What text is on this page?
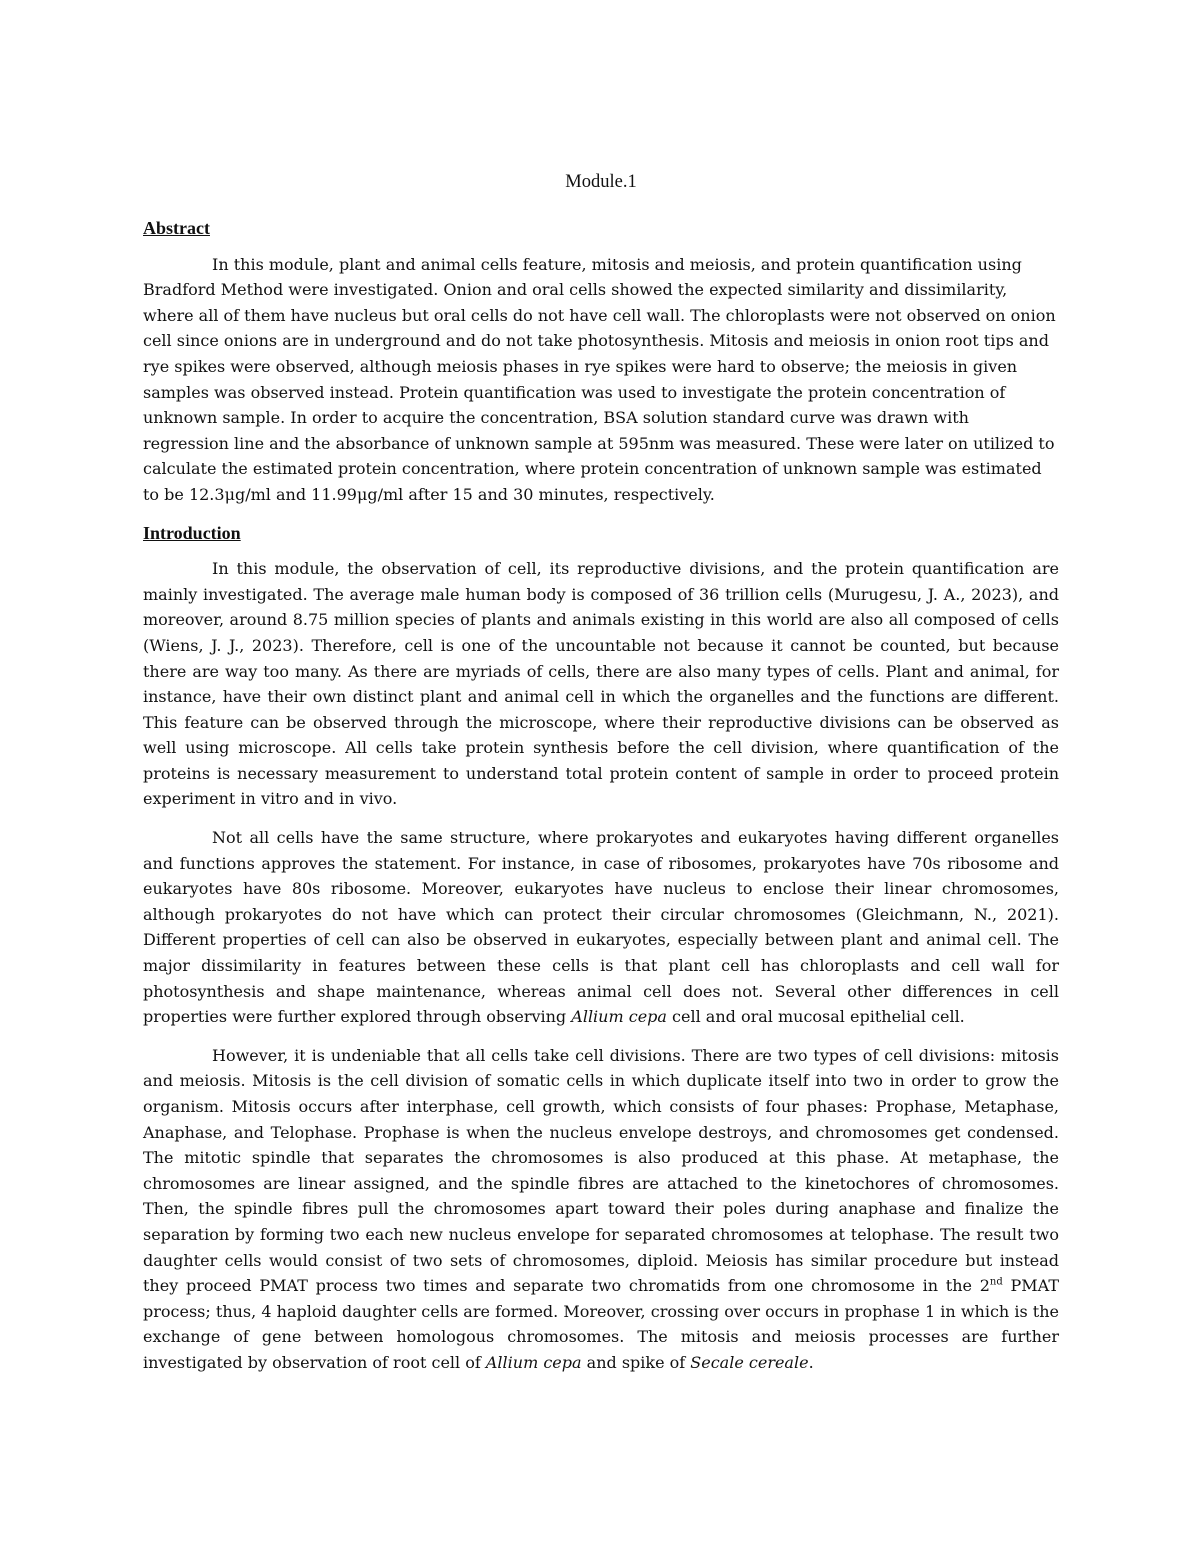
Module.1
Abstract

In this module, plant and animal cells feature, mitosis and meiosis, and protein quantification using Bradford Method were investigated. Onion and oral cells showed the expected similarity and dissimilarity, where all of them have nucleus but oral cells do not have cell wall. The chloroplasts were not observed on onion cell since onions are in underground and do not take photosynthesis. Mitosis and meiosis in onion root tips and rye spikes were observed, although meiosis phases in rye spikes were hard to observe; the meiosis in given samples was observed instead. Protein quantification was used to investigate the protein concentration of unknown sample. In order to acquire the concentration, BSA solution standard curve was drawn with regression line and the absorbance of unknown sample at 595nm was measured. These were later on utilized to calculate the estimated protein concentration, where protein concentration of unknown sample was estimated to be 12.3μg/ml and 11.99μg/ml after 15 and 30 minutes, respectively.

Introduction

In this module, the observation of cell, its reproductive divisions, and the protein quantification are mainly investigated. The average male human body is composed of 36 trillion cells (Murugesu, J. A., 2023), and moreover, around 8.75 million species of plants and animals existing in this world are also all composed of cells (Wiens, J. J., 2023). Therefore, cell is one of the uncountable not because it cannot be counted, but because there are way too many. As there are myriads of cells, there are also many types of cells. Plant and animal, for instance, have their own distinct plant and animal cell in which the organelles and the functions are different. This feature can be observed through the microscope, where their reproductive divisions can be observed as well using microscope. All cells take protein synthesis before the cell division, where quantification of the proteins is necessary measurement to understand total protein content of sample in order to proceed protein experiment in vitro and in vivo.

Not all cells have the same structure, where prokaryotes and eukaryotes having different organelles and functions approves the statement. For instance, in case of ribosomes, prokaryotes have 70s ribosome and eukaryotes have 80s ribosome. Moreover, eukaryotes have nucleus to enclose their linear chromosomes, although prokaryotes do not have which can protect their circular chromosomes (Gleichmann, N., 2021). Different properties of cell can also be observed in eukaryotes, especially between plant and animal cell. The major dissimilarity in features between these cells is that plant cell has chloroplasts and cell wall for photosynthesis and shape maintenance, whereas animal cell does not. Several other differences in cell properties were further explored through observing Allium cepa cell and oral mucosal epithelial cell.

However, it is undeniable that all cells take cell divisions. There are two types of cell divisions: mitosis and meiosis. Mitosis is the cell division of somatic cells in which duplicate itself into two in order to grow the organism. Mitosis occurs after interphase, cell growth, which consists of four phases: Prophase, Metaphase, Anaphase, and Telophase. Prophase is when the nucleus envelope destroys, and chromosomes get condensed. The mitotic spindle that separates the chromosomes is also produced at this phase. At metaphase, the chromosomes are linear assigned, and the spindle fibres are attached to the kinetochores of chromosomes. Then, the spindle fibres pull the chromosomes apart toward their poles during anaphase and finalize the separation by forming two each new nucleus envelope for separated chromosomes at telophase. The result two daughter cells would consist of two sets of chromosomes, diploid. Meiosis has similar procedure but instead they proceed PMAT process two times and separate two chromatids from one chromosome in the 2nd PMAT process; thus, 4 haploid daughter cells are formed. Moreover, crossing over occurs in prophase 1 in which is the exchange of gene between homologous chromosomes. The mitosis and meiosis processes are further investigated by observation of root cell of Allium cepa and spike of Secale cereale.
